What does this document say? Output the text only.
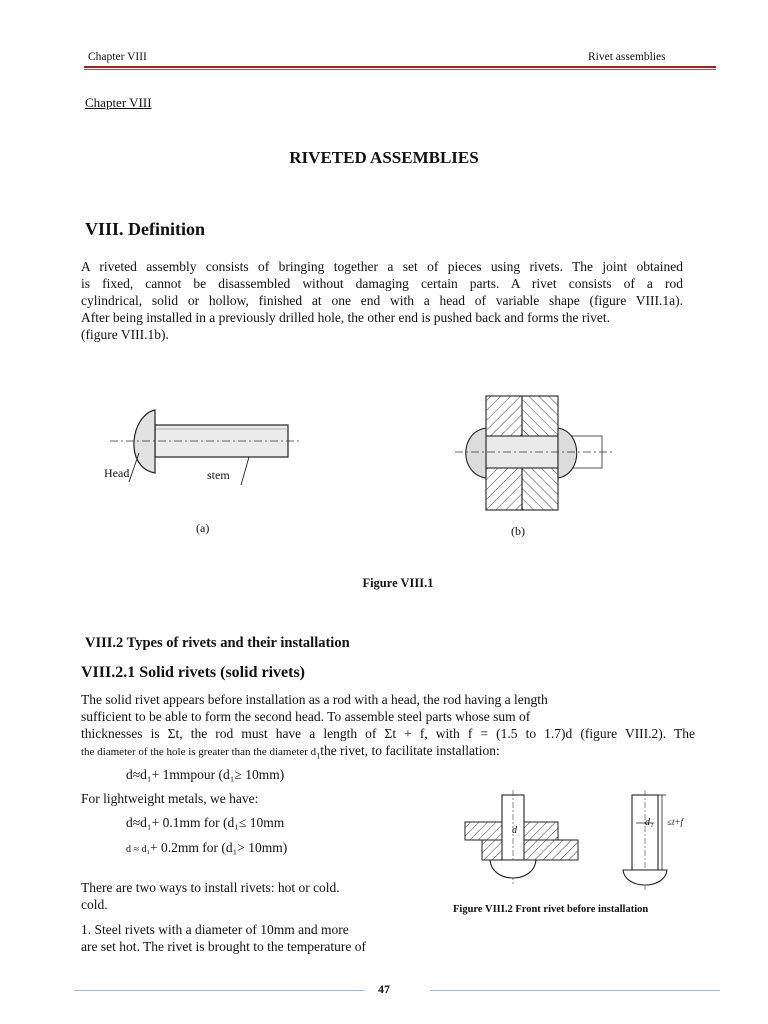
Chapter VIII	Rivet assemblies
Chapter VIII
RIVETED ASSEMBLIES
VIII. Definition

A riveted assembly consists of bringing together a set of pieces using rivets. The joint obtained

is fixed, cannot be disassembled without damaging certain parts. A rivet consists of a rod

cylindrical, solid or hollow, finished at one end with a head of variable shape (figure VIII.1a).

After being installed in a previously drilled hole, the other end is pushed back and forms the rivet.

(figure VIII.1b).

Head	stem
(a)	(b)
Figure VIII.1
VIII.2 Types of rivets and their installation
VIII.2.1 Solid rivets (solid rivets)

The solid rivet appears before installation as a rod with a head, the rod having a length

sufficient to be able to form the second head. To assemble steel parts whose sum of

thicknesses is Σt, the rod must have a length of Σt + f, with f = (1.5 to 1.7)d (figure VIII.2). The

the diameter of the hole is greater than the diameter $d_1the$ rivet, to facilitate installation:

d≈d₁+ 1mmpour (d₁≥ 10mm)
For lightweight metals, we have:
d≈d₁+ 0.1mm for (d₁≤ 10mm
d ≈ d₁+ 0.2mm for (d₁> 10mm)
There are two ways to install rivets: hot or cold.
cold.
1. Steel rivets with a diameter of 10mm and more
are set hot. The rivet is brought to the temperature of
d
d₁ ≤t+f
Figure VIII.2 Front rivet before installation
47
